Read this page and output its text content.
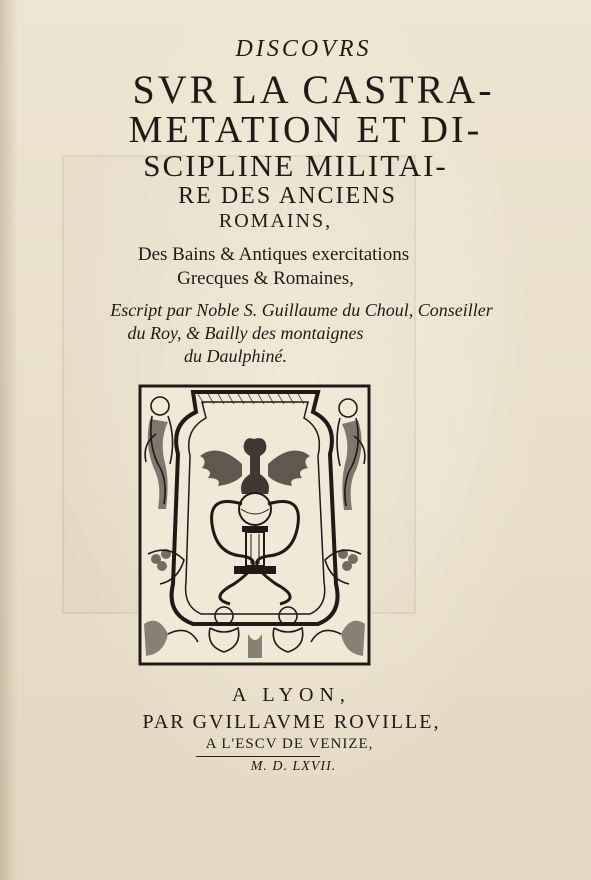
DISCOVRS

SVR LA CASTRA-

METATION ET DI-

SCIPLINE MILITAI-

RE DES ANCIENS

ROMAINS,

Des Bains & Antiques exercitations

Grecques & Romaines,

Escript par Noble S. Guillaume du Choul, Conseiller

du Roy, & Bailly des montaignes

du Daulphiné.

A LYON,

PAR GVILLAVME ROVILLE,

A L'ESCV DE VENIZE,

M. D. LXVII.
